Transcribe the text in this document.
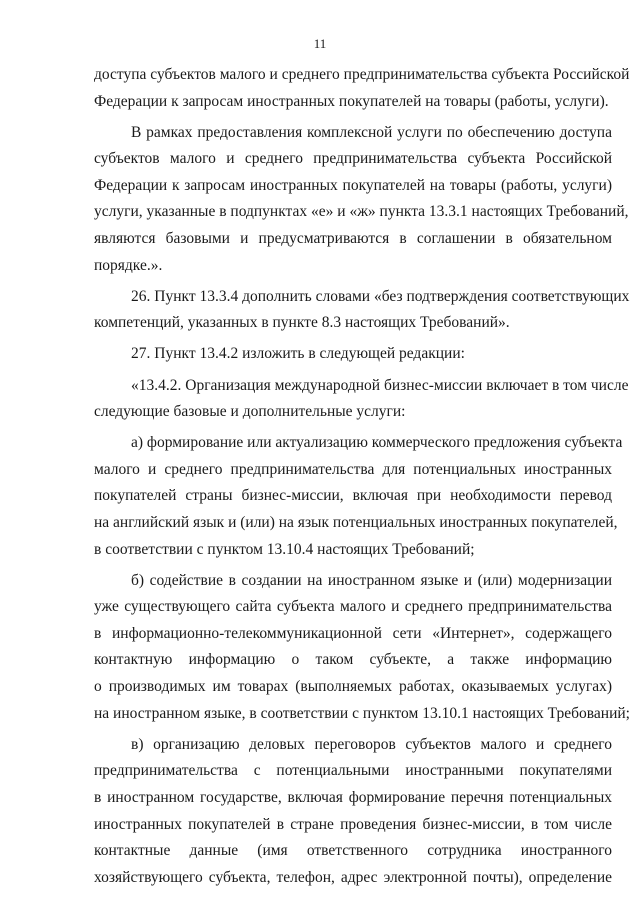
11
доступа субъектов малого и среднего предпринимательства субъекта Российской
Федерации к запросам иностранных покупателей на товары (работы, услуги).
В рамках предоставления комплексной услуги по обеспечению доступа
субъектов малого и среднего предпринимательства субъекта Российской
Федерации к запросам иностранных покупателей на товары (работы, услуги)
услуги, указанные в подпунктах «е» и «ж» пункта 13.3.1 настоящих Требований,
являются базовыми и предусматриваются в соглашении в обязательном
порядке.».
26. Пункт 13.3.4 дополнить словами «без подтверждения соответствующих
компетенций, указанных в пункте 8.3 настоящих Требований».
27. Пункт 13.4.2 изложить в следующей редакции:
«13.4.2. Организация международной бизнес-миссии включает в том числе
следующие базовые и дополнительные услуги:
а) формирование или актуализацию коммерческого предложения субъекта
малого и среднего предпринимательства для потенциальных иностранных
покупателей страны бизнес-миссии, включая при необходимости перевод
на английский язык и (или) на язык потенциальных иностранных покупателей,
в соответствии с пунктом 13.10.4 настоящих Требований;
б) содействие в создании на иностранном языке и (или) модернизации
уже существующего сайта субъекта малого и среднего предпринимательства
в информационно-телекоммуникационной сети «Интернет», содержащего
контактную информацию о таком субъекте, а также информацию
о производимых им товарах (выполняемых работах, оказываемых услугах)
на иностранном языке, в соответствии с пунктом 13.10.1 настоящих Требований;
в) организацию деловых переговоров субъектов малого и среднего
предпринимательства с потенциальными иностранными покупателями
в иностранном государстве, включая формирование перечня потенциальных
иностранных покупателей в стране проведения бизнес-миссии, в том числе
контактные данные (имя ответственного сотрудника иностранного
хозяйствующего субъекта, телефон, адрес электронной почты), определение
